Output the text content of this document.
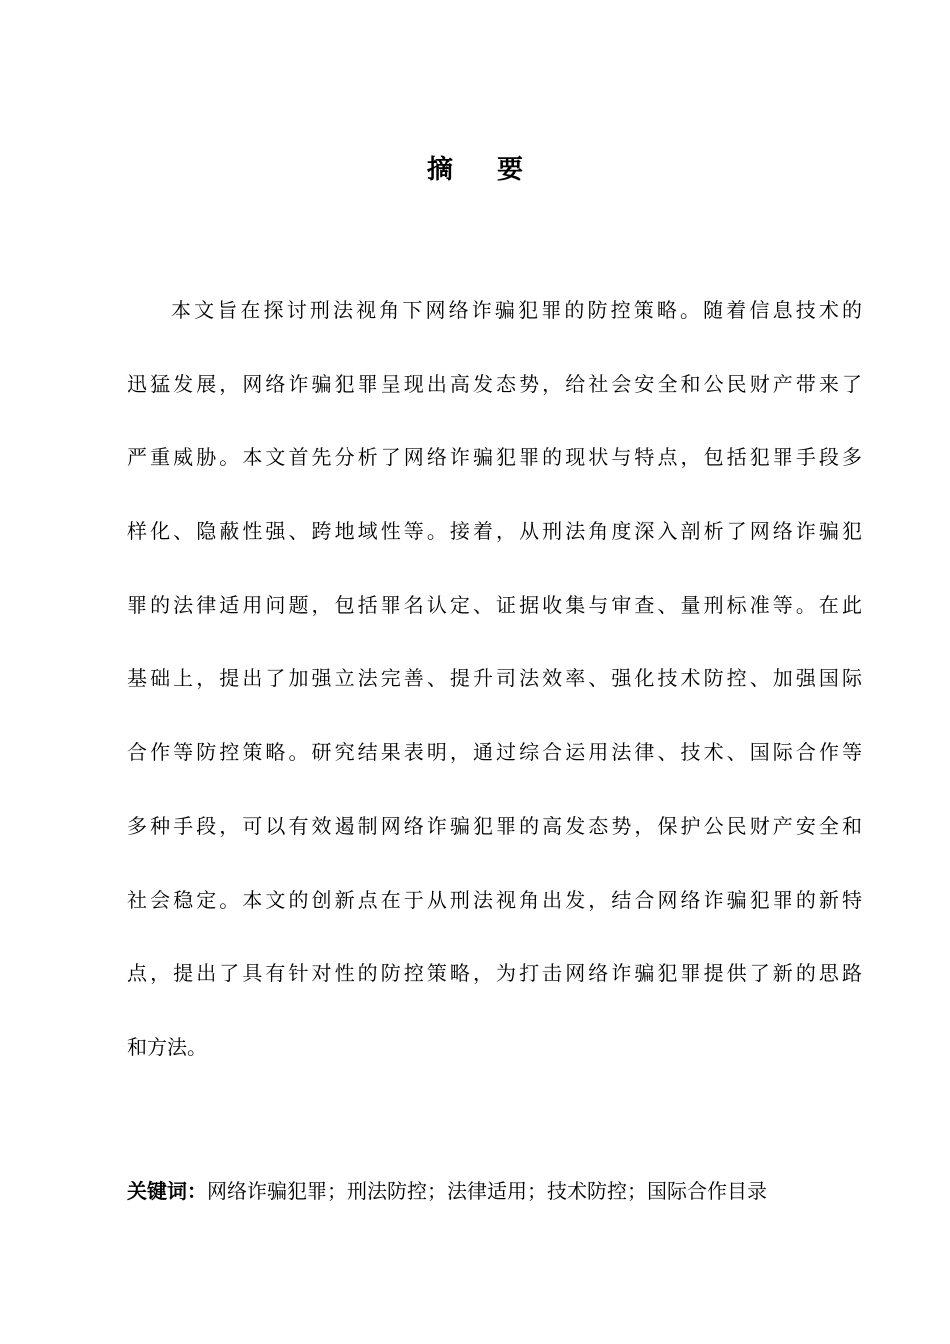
摘 要
本文旨在探讨刑法视角下网络诈骗犯罪的防控策略。随着信息技术的
迅猛发展，网络诈骗犯罪呈现出高发态势，给社会安全和公民财产带来了
严重威胁。本文首先分析了网络诈骗犯罪的现状与特点，包括犯罪手段多
样化、隐蔽性强、跨地域性等。接着，从刑法角度深入剖析了网络诈骗犯
罪的法律适用问题，包括罪名认定、证据收集与审查、量刑标准等。在此
基础上，提出了加强立法完善、提升司法效率、强化技术防控、加强国际
合作等防控策略。研究结果表明，通过综合运用法律、技术、国际合作等
多种手段，可以有效遏制网络诈骗犯罪的高发态势，保护公民财产安全和
社会稳定。本文的创新点在于从刑法视角出发，结合网络诈骗犯罪的新特
点，提出了具有针对性的防控策略，为打击网络诈骗犯罪提供了新的思路
和方法。
关键词：网络诈骗犯罪；刑法防控；法律适用；技术防控；国际合作目录
